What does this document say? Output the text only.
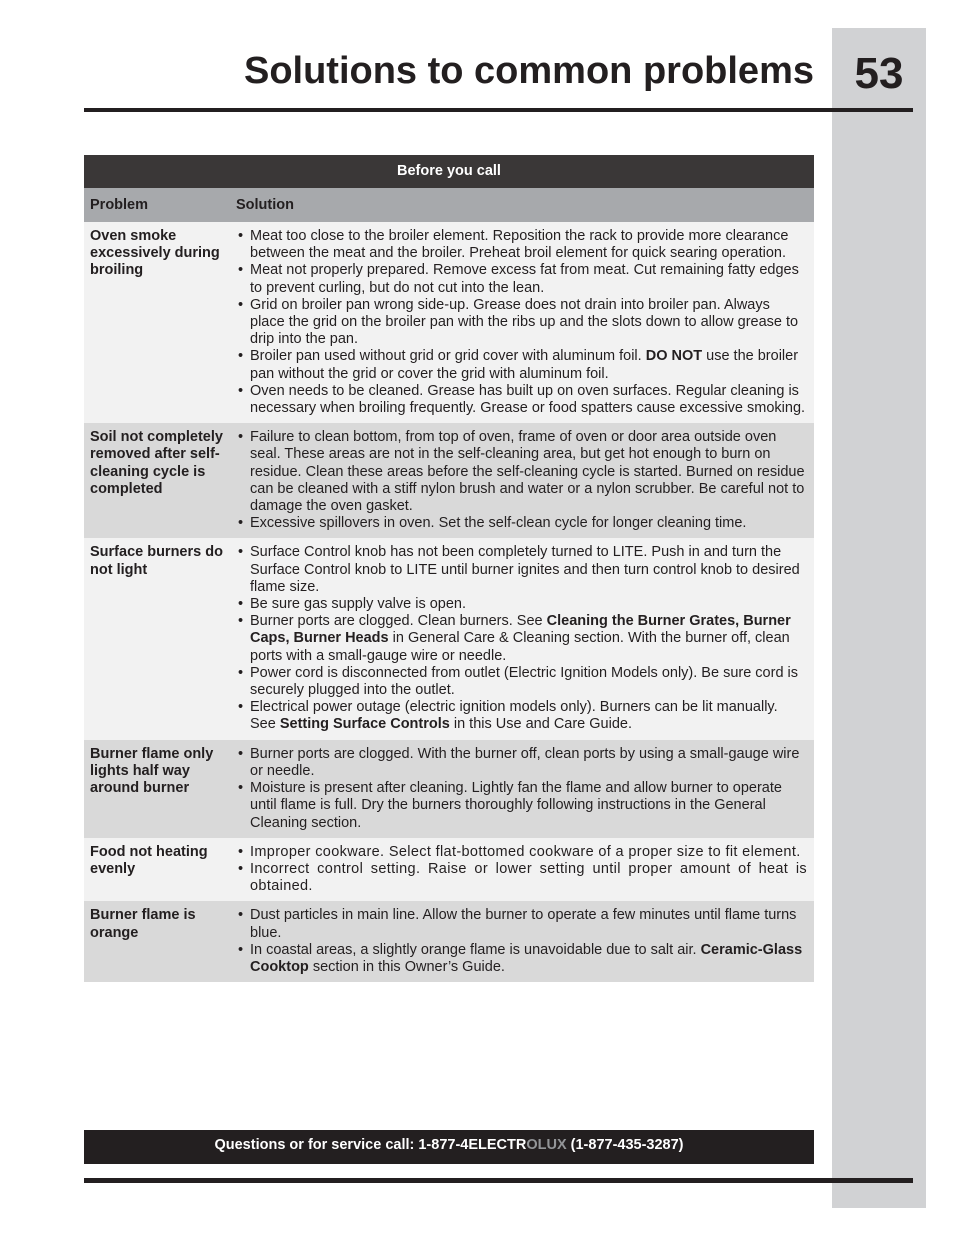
53
Solutions to common problems
Before you call
Problem	Solution
Oven smoke excessively during broiling
• Meat too close to the broiler element. Reposition the rack to provide more clearance between the meat and the broiler. Preheat broil element for quick searing operation.
• Meat not properly prepared. Remove excess fat from meat. Cut remaining fatty edges to prevent curling, but do not cut into the lean.
• Grid on broiler pan wrong side-up. Grease does not drain into broiler pan. Always place the grid on the broiler pan with the ribs up and the slots down to allow grease to drip into the pan.
• Broiler pan used without grid or grid cover with aluminum foil. DO NOT use the broiler pan without the grid or cover the grid with aluminum foil.
• Oven needs to be cleaned. Grease has built up on oven surfaces. Regular cleaning is necessary when broiling frequently. Grease or food spatters cause excessive smoking.
Soil not completely removed after self-cleaning cycle is completed
• Failure to clean bottom, from top of oven, frame of oven or door area outside oven seal. These areas are not in the self-cleaning area, but get hot enough to burn on residue. Clean these areas before the self-cleaning cycle is started. Burned on residue can be cleaned with a stiff nylon brush and water or a nylon scrubber. Be careful not to damage the oven gasket.
• Excessive spillovers in oven. Set the self-clean cycle for longer cleaning time.
Surface burners do not light
• Surface Control knob has not been completely turned to LITE. Push in and turn the Surface Control knob to LITE until burner ignites and then turn control knob to desired flame size.
• Be sure gas supply valve is open.
• Burner ports are clogged. Clean burners. See Cleaning the Burner Grates, Burner Caps, Burner Heads in General Care & Cleaning section. With the burner off, clean ports with a small-gauge wire or needle.
• Power cord is disconnected from outlet (Electric Ignition Models only). Be sure cord is securely plugged into the outlet.
• Electrical power outage (electric ignition models only). Burners can be lit manually. See Setting Surface Controls in this Use and Care Guide.
Burner flame only lights half way around burner
• Burner ports are clogged. With the burner off, clean ports by using a small-gauge wire or needle.
• Moisture is present after cleaning. Lightly fan the flame and allow burner to operate until flame is full. Dry the burners thoroughly following instructions in the General Cleaning section.
Food not heating evenly
• Improper cookware. Select flat-bottomed cookware of a proper size to fit element.
• Incorrect control setting. Raise or lower setting until proper amount of heat is obtained.
Burner flame is orange
• Dust particles in main line. Allow the burner to operate a few minutes until flame turns blue.
• In coastal areas, a slightly orange flame is unavoidable due to salt air. Ceramic-Glass Cooktop section in this Owner’s Guide.
Questions or for service call: 1-877-4ELECTROLUX (1-877-435-3287)
